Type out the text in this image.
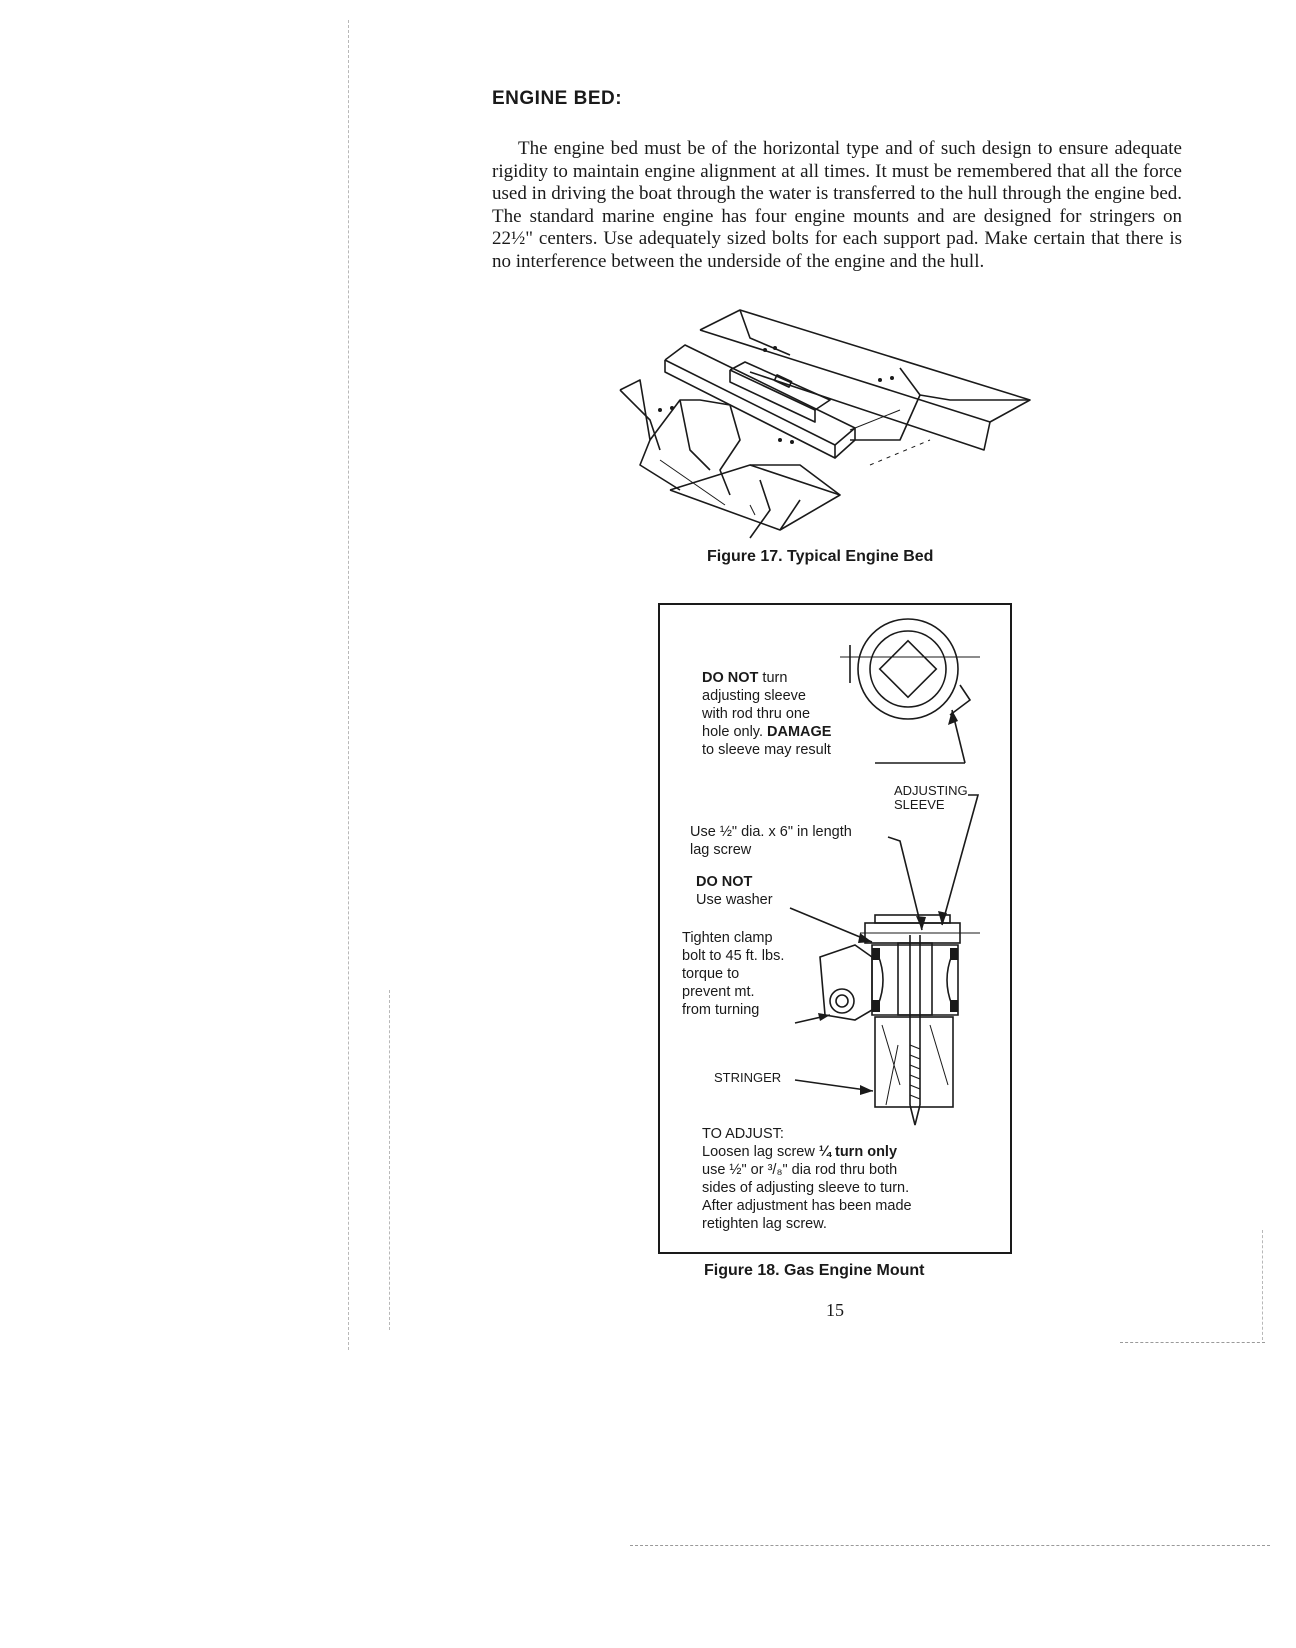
ENGINE BED:

The engine bed must be of the horizontal type and of such design to ensure adequate rigidity to maintain engine alignment at all times. It must be remembered that all the force used in driving the boat through the water is transferred to the hull through the engine bed. The standard marine engine has four engine mounts and are designed for stringers on 22½" centers. Use adequately sized bolts for each support pad. Make certain that there is no interference between the underside of the engine and the hull.

Figure 17. Typical Engine Bed

DO NOT turn

adjusting sleeve

with rod thru one

hole only. DAMAGE

to sleeve may result

ADJUSTING

SLEEVE

Use ½" dia. x 6" in length

lag screw

DO NOT

Use washer

Tighten clamp

bolt to 45 ft. lbs.

torque to

prevent mt.

from turning

STRINGER

TO ADJUST:

Loosen lag screw ¼ turn only

use ½" or ³/₈" dia rod thru both

sides of adjusting sleeve to turn.

After adjustment has been made

retighten lag screw.

Figure 18. Gas Engine Mount

15
